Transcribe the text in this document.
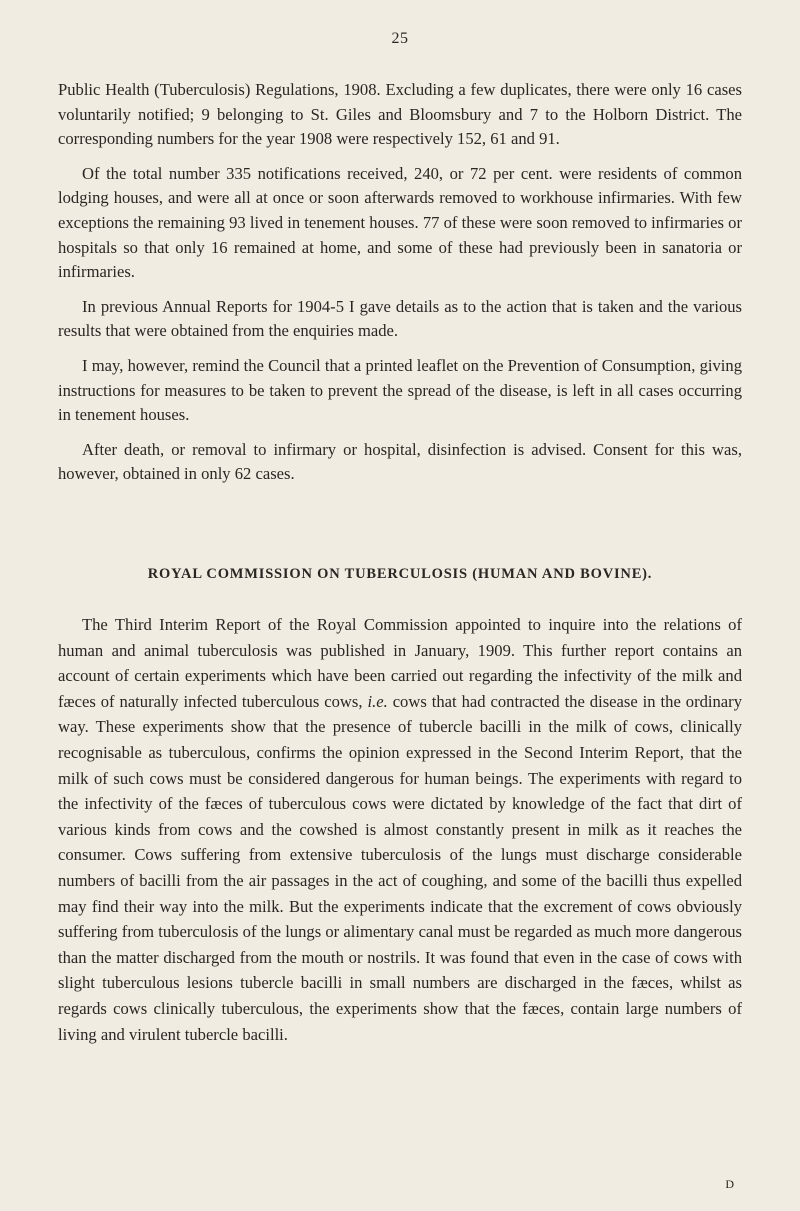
25

Public Health (Tuberculosis) Regulations, 1908. Excluding a few duplicates, there were only 16 cases voluntarily notified; 9 belonging to St. Giles and Bloomsbury and 7 to the Holborn District. The corresponding numbers for the year 1908 were respectively 152, 61 and 91.

Of the total number 335 notifications received, 240, or 72 per cent. were residents of common lodging houses, and were all at once or soon afterwards removed to workhouse infirmaries. With few exceptions the remaining 93 lived in tenement houses. 77 of these were soon removed to infirmaries or hospitals so that only 16 remained at home, and some of these had previously been in sanatoria or infirmaries.

In previous Annual Reports for 1904-5 I gave details as to the action that is taken and the various results that were obtained from the enquiries made.

I may, however, remind the Council that a printed leaflet on the Prevention of Consumption, giving instructions for measures to be taken to prevent the spread of the disease, is left in all cases occurring in tenement houses.

After death, or removal to infirmary or hospital, disinfection is advised. Consent for this was, however, obtained in only 62 cases.

ROYAL COMMISSION ON TUBERCULOSIS (HUMAN AND BOVINE).

The Third Interim Report of the Royal Commission appointed to inquire into the relations of human and animal tuberculosis was published in January, 1909. This further report contains an account of certain experiments which have been carried out regarding the infectivity of the milk and fæces of naturally infected tuberculous cows, i.e. cows that had contracted the disease in the ordinary way. These experiments show that the presence of tubercle bacilli in the milk of cows, clinically recognisable as tuberculous, confirms the opinion expressed in the Second Interim Report, that the milk of such cows must be considered dangerous for human beings. The experiments with regard to the infectivity of the fæces of tuberculous cows were dictated by knowledge of the fact that dirt of various kinds from cows and the cowshed is almost constantly present in milk as it reaches the consumer. Cows suffering from extensive tuberculosis of the lungs must discharge considerable numbers of bacilli from the air passages in the act of coughing, and some of the bacilli thus expelled may find their way into the milk. But the experiments indicate that the excrement of cows obviously suffering from tuberculosis of the lungs or alimentary canal must be regarded as much more dangerous than the matter discharged from the mouth or nostrils. It was found that even in the case of cows with slight tuberculous lesions tubercle bacilli in small numbers are discharged in the fæces, whilst as regards cows clinically tuberculous, the experiments show that the fæces, contain large numbers of living and virulent tubercle bacilli.

D
